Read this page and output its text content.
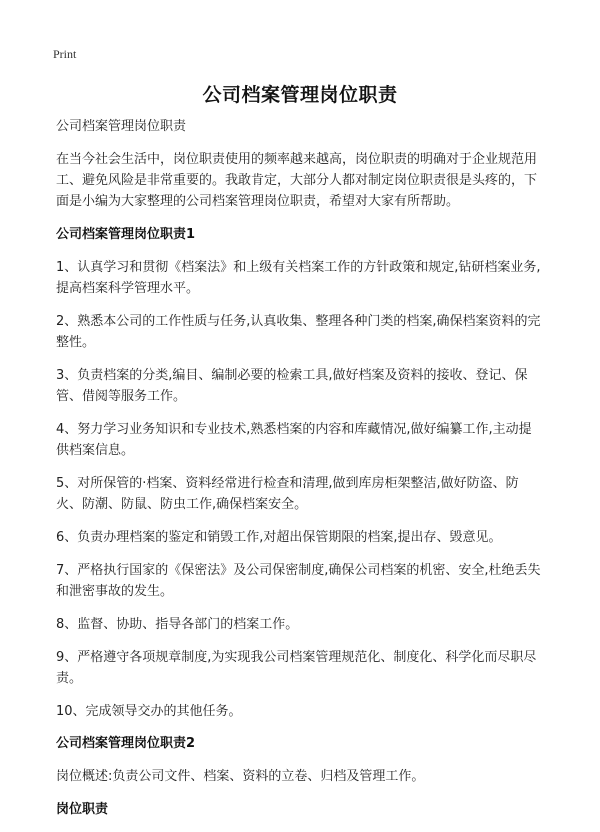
Print
公司档案管理岗位职责

公司档案管理岗位职责

在当今社会生活中，岗位职责使用的频率越来越高，岗位职责的明确对于企业规范用工、避免风险是非常重要的。我敢肯定，大部分人都对制定岗位职责很是头疼的，下面是小编为大家整理的公司档案管理岗位职责，希望对大家有所帮助。

公司档案管理岗位职责1

1、认真学习和贯彻《档案法》和上级有关档案工作的方针政策和规定,钻研档案业务,提高档案科学管理水平。

2、熟悉本公司的工作性质与任务,认真收集、整理各种门类的档案,确保档案资料的完整性。

3、负责档案的分类,编目、编制必要的检索工具,做好档案及资料的接收、登记、保管、借阅等服务工作。

4、努力学习业务知识和专业技术,熟悉档案的内容和库藏情况,做好编纂工作,主动提供档案信息。

5、对所保管的·档案、资料经常进行检查和清理,做到库房柜架整洁,做好防盗、防火、防潮、防鼠、防虫工作,确保档案安全。

6、负责办理档案的鉴定和销毁工作,对超出保管期限的档案,提出存、毁意见。

7、严格执行国家的《保密法》及公司保密制度,确保公司档案的机密、安全,杜绝丢失和泄密事故的发生。

8、监督、协助、指导各部门的档案工作。

9、严格遵守各项规章制度,为实现我公司档案管理规范化、制度化、科学化而尽职尽责。

10、完成领导交办的其他任务。

公司档案管理岗位职责2

岗位概述:负责公司文件、档案、资料的立卷、归档及管理工作。

岗位职责
